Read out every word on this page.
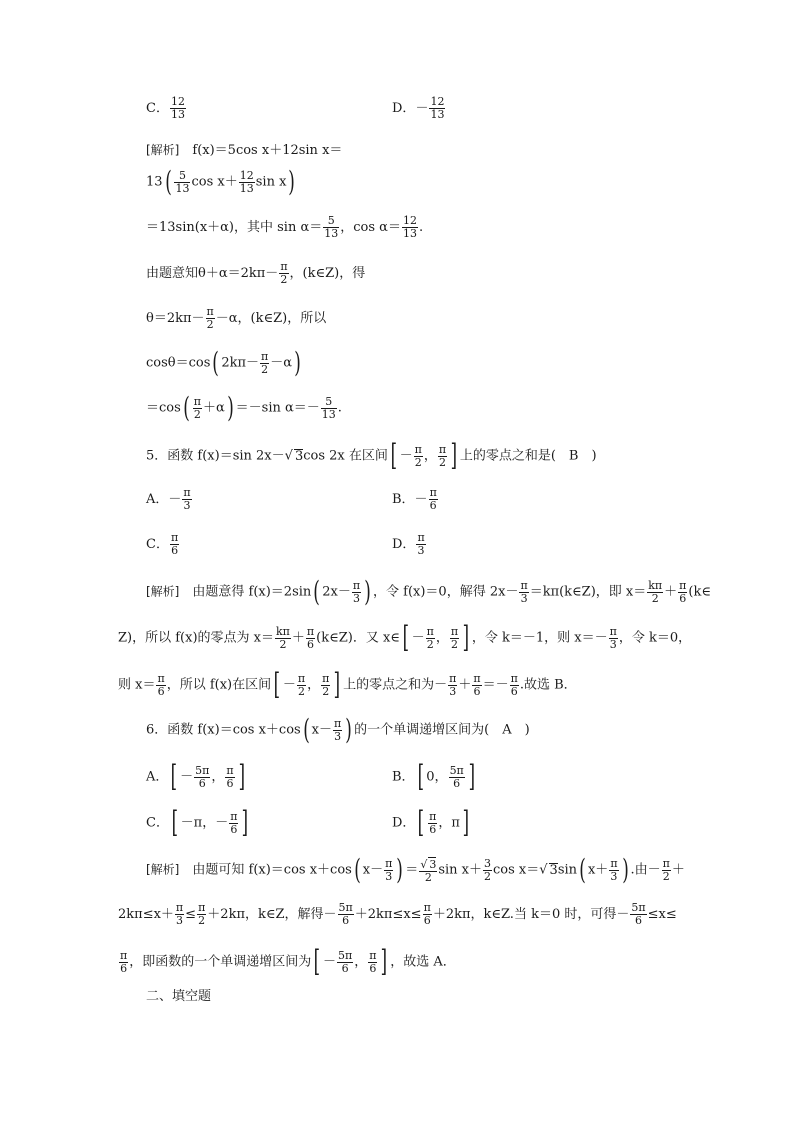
C． $\frac{12}{13}$	D．－ $\frac{12}{13}$
[解析]　 f(x)＝5cos x＋12sin x＝
$13( \frac{5}{13}$ $\cos x+ \frac{12}{13}$ sin x)
＝13sin(x＋α)，其中 $\sin \alpha= \frac{5}{13}$ ，$\cos \alpha= \frac{12}{13}$ .
由题意知$\theta+\alpha=2k\pi- \frac{\pi}{2}$ ，(k∈Z)，得
$\theta=2k\pi- \frac{\pi}{2} -\alpha$，(k∈Z)，所以
cosθ＝cos( $2k\pi- \frac{\pi}{2} -\alpha$)
$=\cos( \frac{\pi}{2} +\alpha) =-\sin$ $\alpha=- \frac{5}{13}$ .
5．函数 f(x)＝sin 2x－√ 3cos 2x 在区间[ － $\frac{\pi}{2}$ ， $\frac{\pi}{2}$ ] 上的零点之和是(　B　)
A．－ $\frac{\pi}{3}$	B．－ $\frac{\pi}{6}$
C． $\frac{\pi}{6}$	D． $\frac{\pi}{3}$
[解析]　 由题意得 f(x)＝2sin( $2x- \frac{\pi}{3}$ ) ，令 f(x)＝0，解得 $2x- \frac{\pi}{3}$ ＝kπ(k∈Z)，即 $x= \frac{k\pi}{2} + \frac{\pi}{6}$ (k∈
Z)，所以 f(x)的零点为 $x= \frac{k\pi}{2} + \frac{\pi}{6}$ (k∈Z)．又 x∈[ － $\frac{\pi}{2}$ ， $\frac{\pi}{2}$ ] ，令 k＝－1，则 $x=- \frac{\pi}{3}$ ，令 k＝0，
则 $x= \frac{\pi}{6}$ ，所以 f(x)在区间[ － $\frac{\pi}{2}$ ， $\frac{\pi}{2}$ ] 上的零点之和为－ $\frac{\pi}{3} + \frac{\pi}{6} =- \frac{\pi}{6}$ .故选 B．
6．函数 f(x)＝cos x＋cos( $x- \frac{\pi}{3}$ ) 的一个单调递增区间为(　A　)
A．[ － $\frac{5\pi}{6}$ ， $\frac{\pi}{6}$ ]	B．[ 0， $\frac{5\pi}{6}$ ]
C．[ －π，－ $\frac{\pi}{6}$ ]	D．[ $\frac{\pi}{6}$ ，π]
[解析]　 由题可知 f(x)＝cos x＋cos( $x- \frac{\pi}{3}$ ) ＝ $\frac{√ 3}{2}$ $\sin x+ \frac{3}{2}$ cos x＝√ 3sin( $x+ \frac{\pi}{3}$ ) .由－ $\frac{\pi}{2}$ ＋
$2k\pi\le x+ \frac{\pi}{3} \le \frac{\pi}{2} +2k\pi$，k∈Z，解得－ $\frac{5\pi}{6} +2k\pi\le x\le \frac{\pi}{6} +2k\pi$，k∈Z.当 k＝0 时，可得－ $\frac{5\pi}{6} \le x\le$
$\frac{\pi}{6}$ ，即函数的一个单调递增区间为[ － $\frac{5\pi}{6}$ ， $\frac{\pi}{6}$ ] ，故选 A．
二、填空题
